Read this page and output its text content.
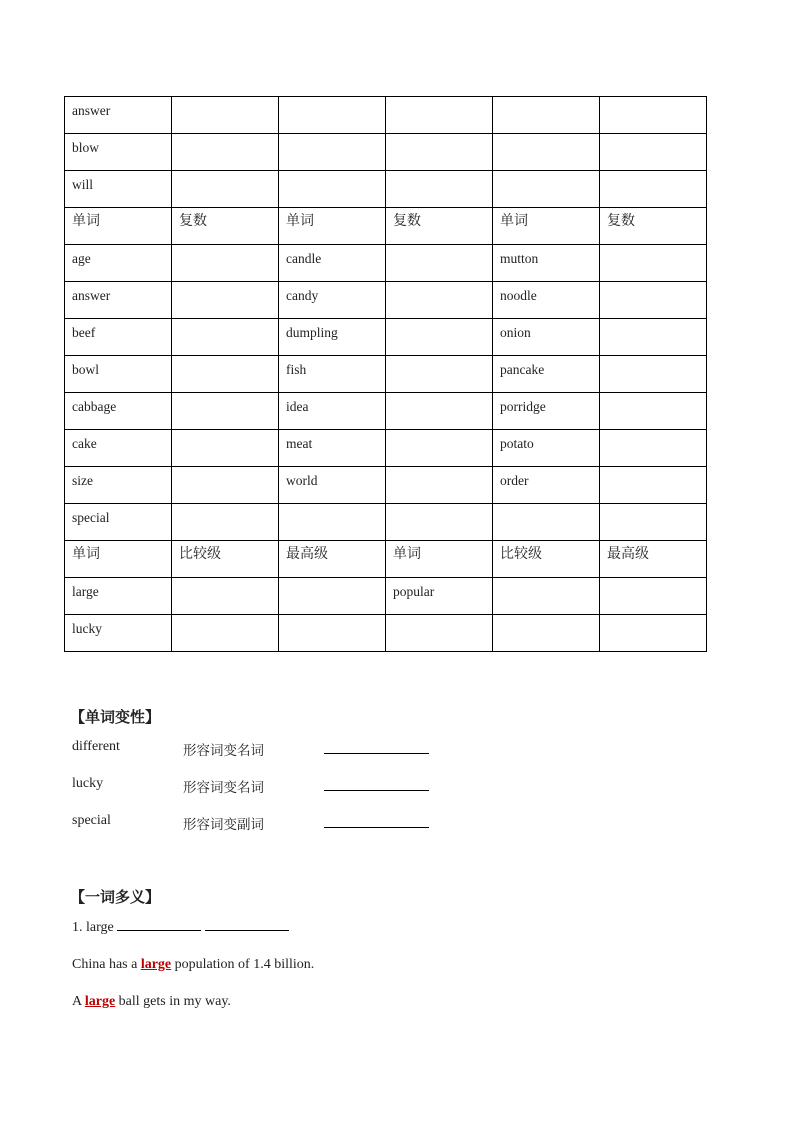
answer					
blow					
will					
单词	复数	单词	复数	单词	复数
age		candle		mutton	
answer		candy		noodle	
beef		dumpling		onion	
bowl		fish		pancake	
cabbage		idea		porridge	
cake		meat		potato	
size		world		order	
special					
单词	比较级	最高级	单词	比较级	最高级
large			popular		
lucky					
【单词变性】
different	形容词变名词
lucky	形容词变名词
special	形容词变副词
【一词多义】
1. large
China has a large population of 1.4 billion.
A large ball gets in my way.
